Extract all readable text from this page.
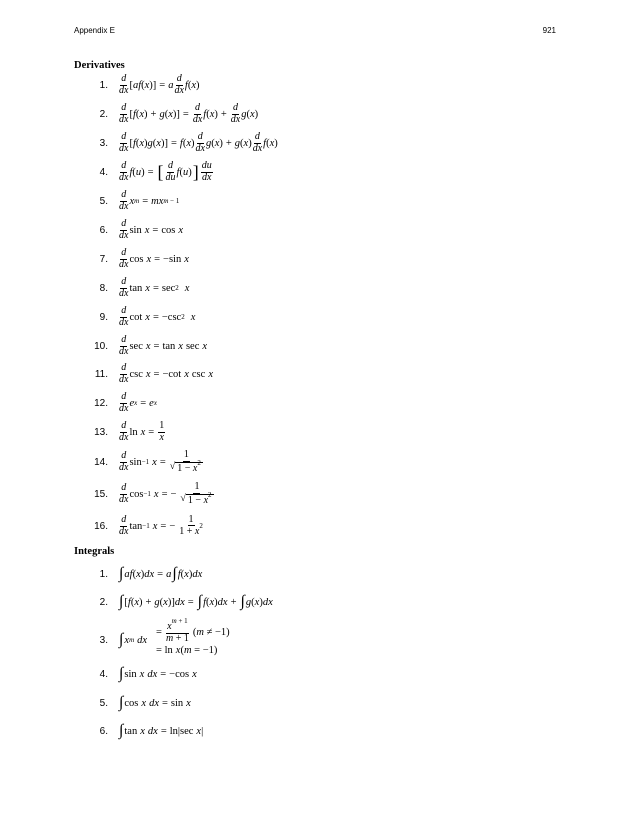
Appendix E	921
Derivatives
1. $\frac{d}{dx}$ [ af ( x )] = a $\frac{d}{dx}$ f ( x )
2. $\frac{d}{dx}$ [ f ( x ) + g ( x )] = $\frac{d}{dx}$ f ( x ) + $\frac{d}{dx}$ g ( x )
3. $\frac{d}{dx}$ [ f ( x ) g ( x )] = f ( x ) $\frac{d}{dx}$ g ( x ) + g ( x ) $\frac{d}{dx}$ f ( x )
4. $\frac{d}{dx}$ f ( u ) = [ $\frac{d}{du}$ f ( u ) ] $\frac{du}{dx}$
5. $\frac{d}{dx}$ x m = mx m − 1
6. $\frac{d}{dx}$ sin x = cos x
7. $\frac{d}{dx}$ cos x = −sin x
8. $\frac{d}{dx}$ tan x = sec 2 x
9. $\frac{d}{dx}$ cot x = −csc 2 x
10. $\frac{d}{dx}$ sec x = tan x sec x
11. $\frac{d}{dx}$ csc x = −cot x csc x
12. $\frac{d}{dx}$ e x = e x
13. $\frac{d}{dx}$ $\ln x = \frac{1}{x}$
14. $\frac{d}{dx}$ sin −1 $x = \frac{1}{√ 1 - x^2}$
15. $\frac{d}{dx}$ cos −1 x = − $\frac{1}{√ 1 - x^2}$
16. $\frac{d}{dx}$ tan −1 x = − $\frac{1}{1 + x^2}$
Integrals
1. ∫ af ( x ) dx = a ∫ f ( x ) dx
2. ∫ [ f ( x ) + g ( x )] dx = ∫ f ( x ) dx + ∫ g ( x ) dx
3. ∫ x m dx
= $\frac{x^{m + 1}}{m + 1} (m \ne -1)$
= ln x(m = −1)
4. ∫ sin x dx = −cos x
5. ∫ cos x dx = sin x
6. ∫ tan x dx = ln|sec x |
